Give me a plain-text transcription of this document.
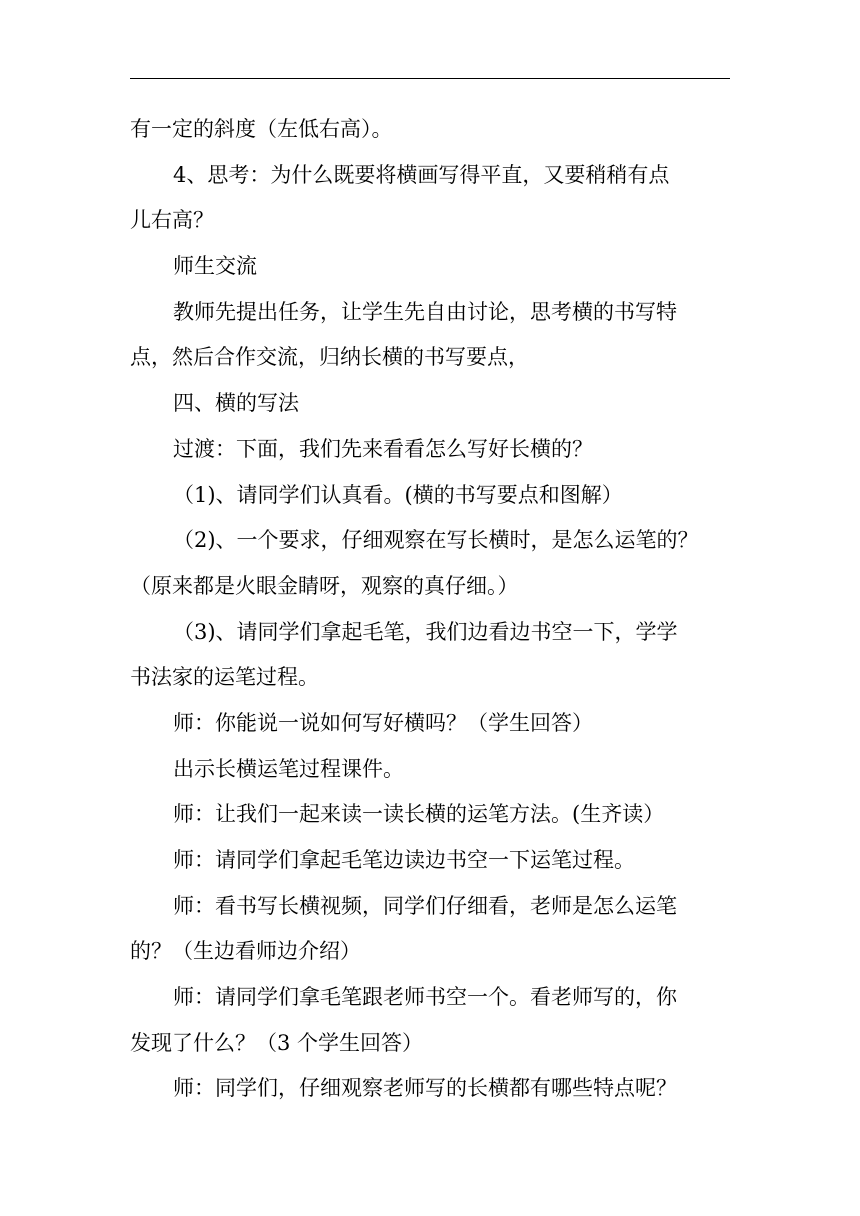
有一定的斜度（左低右高）。
4、思考：为什么既要将横画写得平直，又要稍稍有点
儿右高？
师生交流
教师先提出任务，让学生先自由讨论，思考横的书写特
点，然后合作交流，归纳长横的书写要点，
四、横的写法
过渡：下面，我们先来看看怎么写好长横的？
（1)、请同学们认真看。(横的书写要点和图解）
（2)、一个要求，仔细观察在写长横时，是怎么运笔的？
（原来都是火眼金睛呀，观察的真仔细。）
（3)、请同学们拿起毛笔，我们边看边书空一下，学学
书法家的运笔过程。
师：你能说一说如何写好横吗？（学生回答）
出示长横运笔过程课件。
师：让我们一起来读一读长横的运笔方法。(生齐读）
师：请同学们拿起毛笔边读边书空一下运笔过程。
师：看书写长横视频，同学们仔细看，老师是怎么运笔
的？（生边看师边介绍）
师：请同学们拿毛笔跟老师书空一个。看老师写的，你
发现了什么？（3 个学生回答）
师：同学们，仔细观察老师写的长横都有哪些特点呢？
